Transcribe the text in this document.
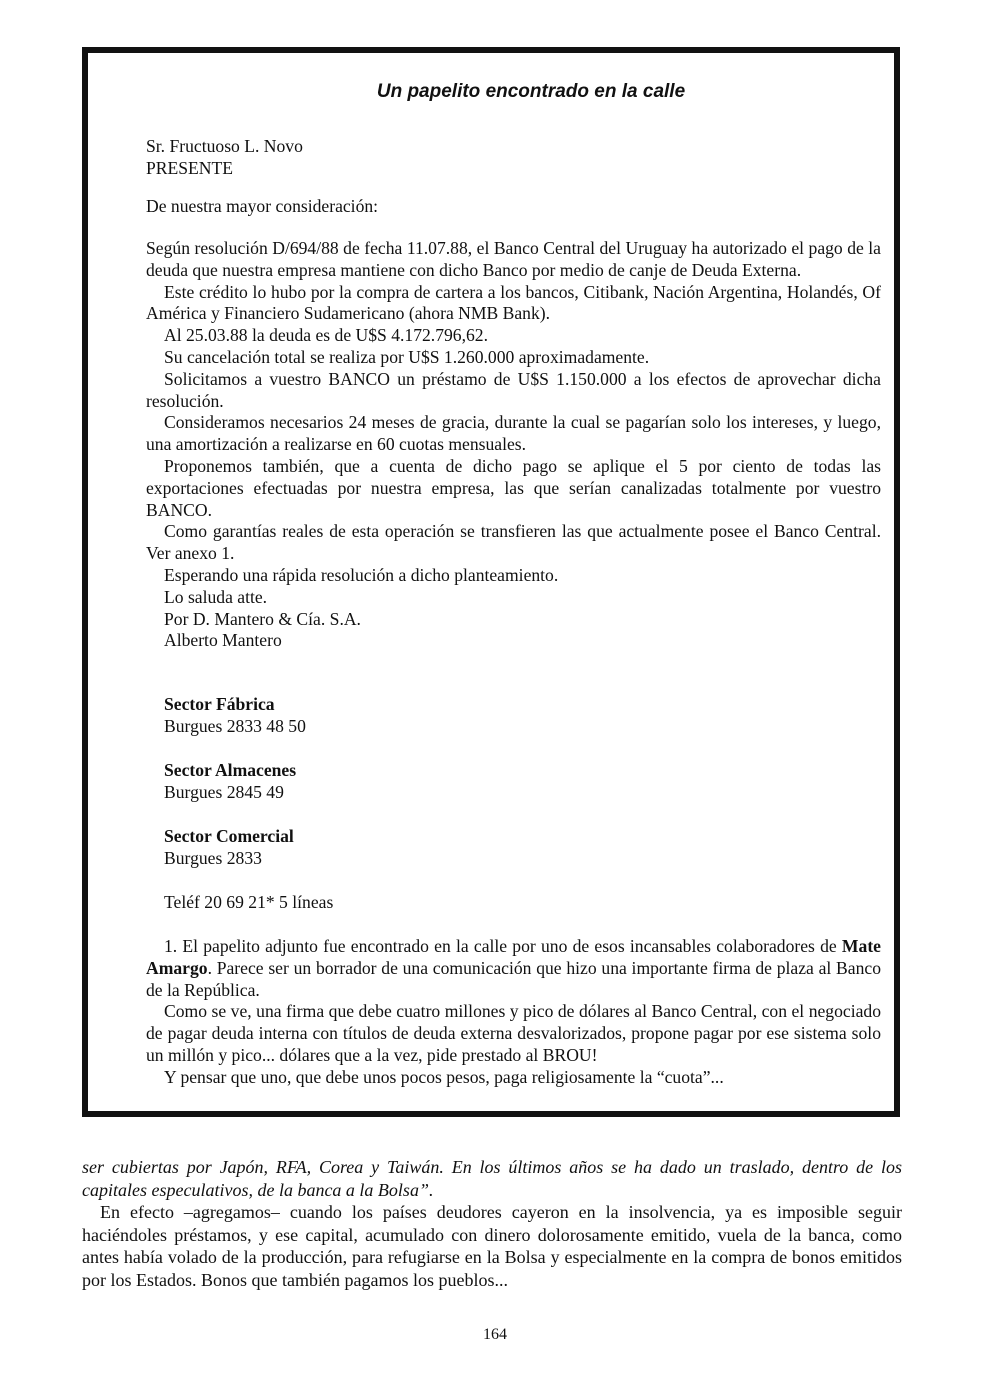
Un papelito encontrado en la calle
Sr. Fructuoso L. Novo
PRESENTE
De nuestra mayor consideración:
Según resolución D/694/88 de fecha 11.07.88, el Banco Central del Uruguay ha autorizado el pago de la deuda que nuestra empresa mantiene con dicho Banco por medio de canje de Deuda Externa.
Este crédito lo hubo por la compra de cartera a los bancos, Citibank, Nación Argentina, Holandés, Of América y Financiero Sudamericano (ahora NMB Bank).
Al 25.03.88 la deuda es de U$S 4.172.796,62.
Su cancelación total se realiza por U$S 1.260.000 aproximadamente.
Solicitamos a vuestro BANCO un préstamo de U$S 1.150.000 a los efectos de aprovechar dicha resolución.
Consideramos necesarios 24 meses de gracia, durante la cual se pagarían solo los intereses, y luego, una amortización a realizarse en 60 cuotas mensuales.
Proponemos también, que a cuenta de dicho pago se aplique el 5 por ciento de todas las exportaciones efectuadas por nuestra empresa, las que serían canalizadas totalmente por vuestro BANCO.
Como garantías reales de esta operación se transfieren las que actualmente posee el Banco Central. Ver anexo 1.
Esperando una rápida resolución a dicho planteamiento.
Lo saluda atte.
Por D. Mantero & Cía. S.A.
Alberto Mantero
Sector Fábrica
Burgues 2833 48 50
Sector Almacenes
Burgues 2845 49
Sector Comercial
Burgues 2833
Teléf 20 69 21* 5 líneas
1. El papelito adjunto fue encontrado en la calle por uno de esos incansables colaboradores de Mate Amargo. Parece ser un borrador de una comunicación que hizo una importante firma de plaza al Banco de la República.
Como se ve, una firma que debe cuatro millones y pico de dólares al Banco Central, con el negociado de pagar deuda interna con títulos de deuda externa desvalorizados, propone pagar por ese sistema solo un millón y pico... dólares que a la vez, pide prestado al BROU!
Y pensar que uno, que debe unos pocos pesos, paga religiosamente la “cuota”...
ser cubiertas por Japón, RFA, Corea y Taiwán. En los últimos años se ha dado un traslado, dentro de los capitales especulativos, de la banca a la Bolsa”.
En efecto –agregamos– cuando los países deudores cayeron en la insolvencia, ya es imposible seguir haciéndoles préstamos, y ese capital, acumulado con dinero dolorosamente emitido, vuela de la banca, como antes había volado de la producción, para refugiarse en la Bolsa y especialmente en la compra de bonos emitidos por los Estados. Bonos que también pagamos los pueblos...
164
